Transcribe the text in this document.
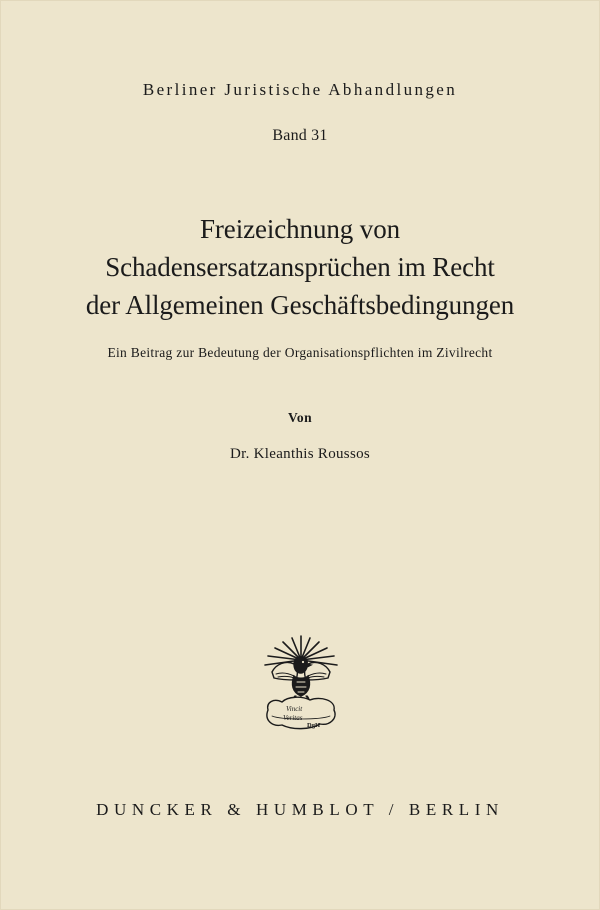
Berliner Juristische Abhandlungen
Band 31
Freizeichnung von
Schadensersatzansprüchen im Recht
der Allgemeinen Geschäftsbedingungen
Ein Beitrag zur Bedeutung der Organisationspflichten im Zivilrecht
Von
Dr. Kleanthis Roussos
Vincit
Veritas
DgH
DUNCKER & HUMBLOT / BERLIN
